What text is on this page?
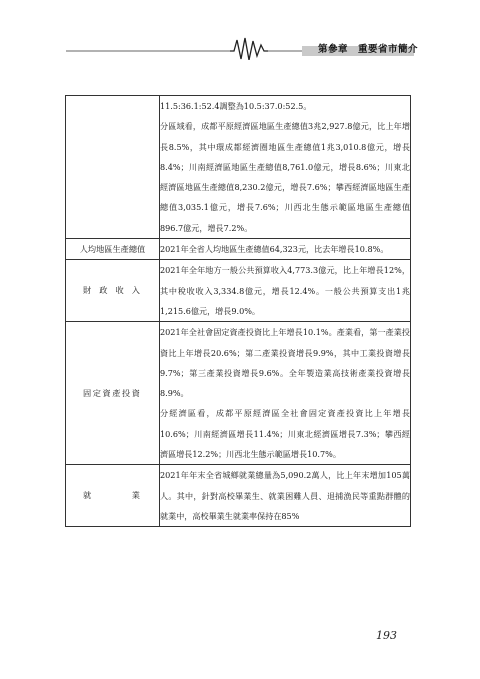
第參章　重要省市簡介

	11.5:36.1:52.4調整為10.5:37.0:52.5。

分區域看，成都平原經濟區地區生產總值3兆2,927.8億元，比上年增長8.5%，其中環成都經濟圈地區生產總值1兆3,010.8億元，增長8.4%；川南經濟區地區生產總值8,761.0億元，增長8.6%；川東北經濟區地區生產總值8,230.2億元，增長7.6%；攀西經濟區地區生產總值3,035.1億元，增長7.6%；川西北生態示範區地區生產總值896.7億元，增長7.2%。

人均地區生產總值	2021年全省人均地區生產總值64,323元，比去年增長10.8%。

財政收入	2021年全年地方一般公共預算收入4,773.3億元，比上年增長12%，其中稅收收入3,334.8億元，增長12.4%。一般公共預算支出1兆1,215.6億元，增長9.0%。

固定資產投資	2021年全社會固定資產投資比上年增長10.1%。產業看，第一產業投資比上年增長20.6%；第二產業投資增長9.9%，其中工業投資增長9.7%；第三產業投資增長9.6%。全年製造業高技術產業投資增長8.9%。

分經濟區看，成都平原經濟區全社會固定資產投資比上年增長10.6%；川南經濟區增長11.4%；川東北經濟區增長7.3%；攀西經濟區增長12.2%；川西北生態示範區增長10.7%。

就業	2021年年末全省城鄉就業總量為5,090.2萬人，比上年末增加105萬人。其中，針對高校畢業生、就業困難人員、退捕漁民等重點群體的就業中，高校畢業生就業率保持在85%

193
